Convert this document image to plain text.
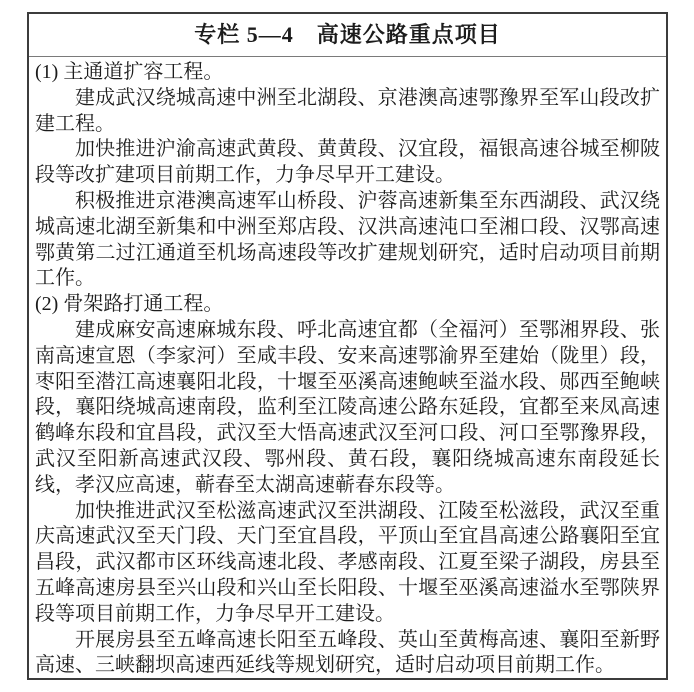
专栏 5—4　高速公路重点项目

(1) 主通道扩容工程。

建成武汉绕城高速中洲至北湖段、京港澳高速鄂豫界至军山段改扩建工程。

加快推进沪渝高速武黄段、黄黄段、汉宜段，福银高速谷城至柳陂段等改扩建项目前期工作，力争尽早开工建设。

积极推进京港澳高速军山桥段、沪蓉高速新集至东西湖段、武汉绕城高速北湖至新集和中洲至郑店段、汉洪高速沌口至湘口段、汉鄂高速鄂黄第二过江通道至机场高速段等改扩建规划研究，适时启动项目前期工作。

(2) 骨架路打通工程。

建成麻安高速麻城东段、呼北高速宜都（全福河）至鄂湘界段、张南高速宣恩（李家河）至咸丰段、安来高速鄂渝界至建始（陇里）段，枣阳至潜江高速襄阳北段，十堰至巫溪高速鲍峡至溢水段、郧西至鲍峡段，襄阳绕城高速南段，监利至江陵高速公路东延段，宜都至来凤高速鹤峰东段和宜昌段，武汉至大悟高速武汉至河口段、河口至鄂豫界段，武汉至阳新高速武汉段、鄂州段、黄石段，襄阳绕城高速东南段延长线，孝汉应高速，蕲春至太湖高速蕲春东段等。

加快推进武汉至松滋高速武汉至洪湖段、江陵至松滋段，武汉至重庆高速武汉至天门段、天门至宜昌段，平顶山至宜昌高速公路襄阳至宜昌段，武汉都市区环线高速北段、孝感南段、江夏至梁子湖段，房县至五峰高速房县至兴山段和兴山至长阳段、十堰至巫溪高速溢水至鄂陕界段等项目前期工作，力争尽早开工建设。

开展房县至五峰高速长阳至五峰段、英山至黄梅高速、襄阳至新野高速、三峡翻坝高速西延线等规划研究，适时启动项目前期工作。
